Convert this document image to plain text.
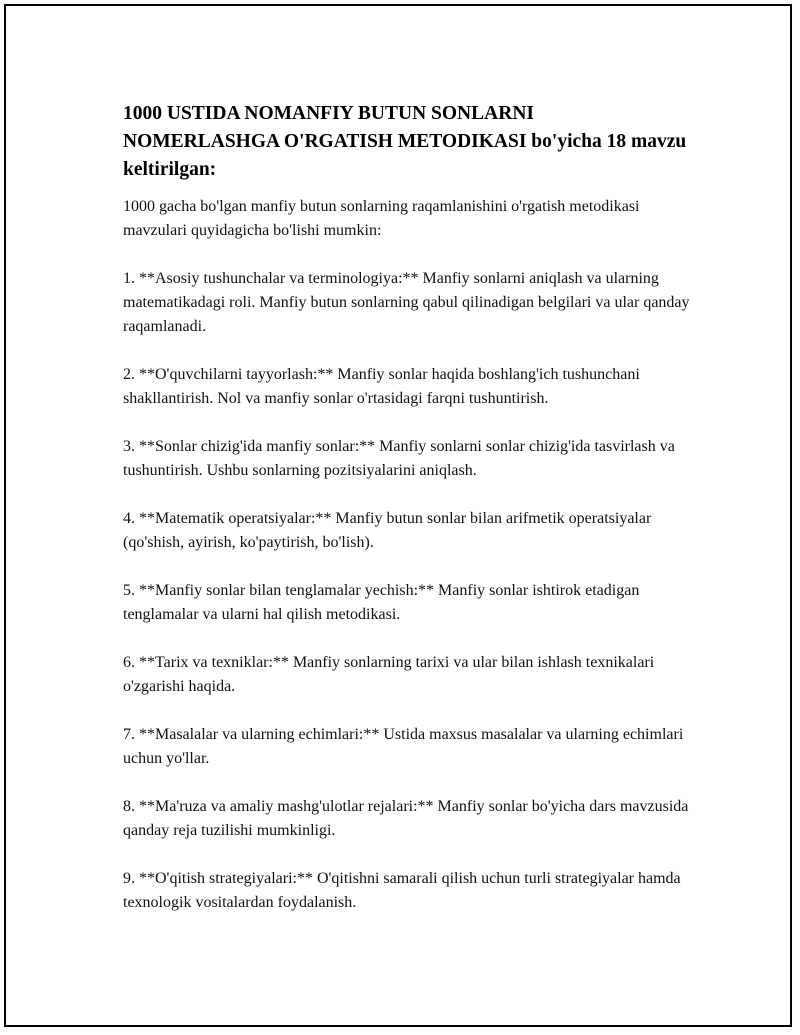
1000 USTIDA NOMANFIY BUTUN SONLARNI NOMERLASHGA O'RGATISH METODIKASI bo'yicha 18 mavzu keltirilgan:

1000 gacha bo'lgan manfiy butun sonlarning raqamlanishini o'rgatish metodikasi mavzulari quyidagicha bo'lishi mumkin:

1. **Asosiy tushunchalar va terminologiya:** Manfiy sonlarni aniqlash va ularning matematikadagi roli. Manfiy butun sonlarning qabul qilinadigan belgilari va ular qanday raqamlanadi.

2. **O'quvchilarni tayyorlash:** Manfiy sonlar haqida boshlang'ich tushunchani shakllantirish. Nol va manfiy sonlar o'rtasidagi farqni tushuntirish.

3. **Sonlar chizig'ida manfiy sonlar:** Manfiy sonlarni sonlar chizig'ida tasvirlash va tushuntirish. Ushbu sonlarning pozitsiyalarini aniqlash.

4. **Matematik operatsiyalar:** Manfiy butun sonlar bilan arifmetik operatsiyalar (qo'shish, ayirish, ko'paytirish, bo'lish).

5. **Manfiy sonlar bilan tenglamalar yechish:** Manfiy sonlar ishtirok etadigan tenglamalar va ularni hal qilish metodikasi.

6. **Tarix va texniklar:** Manfiy sonlarning tarixi va ular bilan ishlash texnikalari o'zgarishi haqida.

7. **Masalalar va ularning echimlari:** Ustida maxsus masalalar va ularning echimlari uchun yo'llar.

8. **Ma'ruza va amaliy mashg'ulotlar rejalari:** Manfiy sonlar bo'yicha dars mavzusida qanday reja tuzilishi mumkinligi.

9. **O'qitish strategiyalari:** O'qitishni samarali qilish uchun turli strategiyalar hamda texnologik vositalardan foydalanish.
